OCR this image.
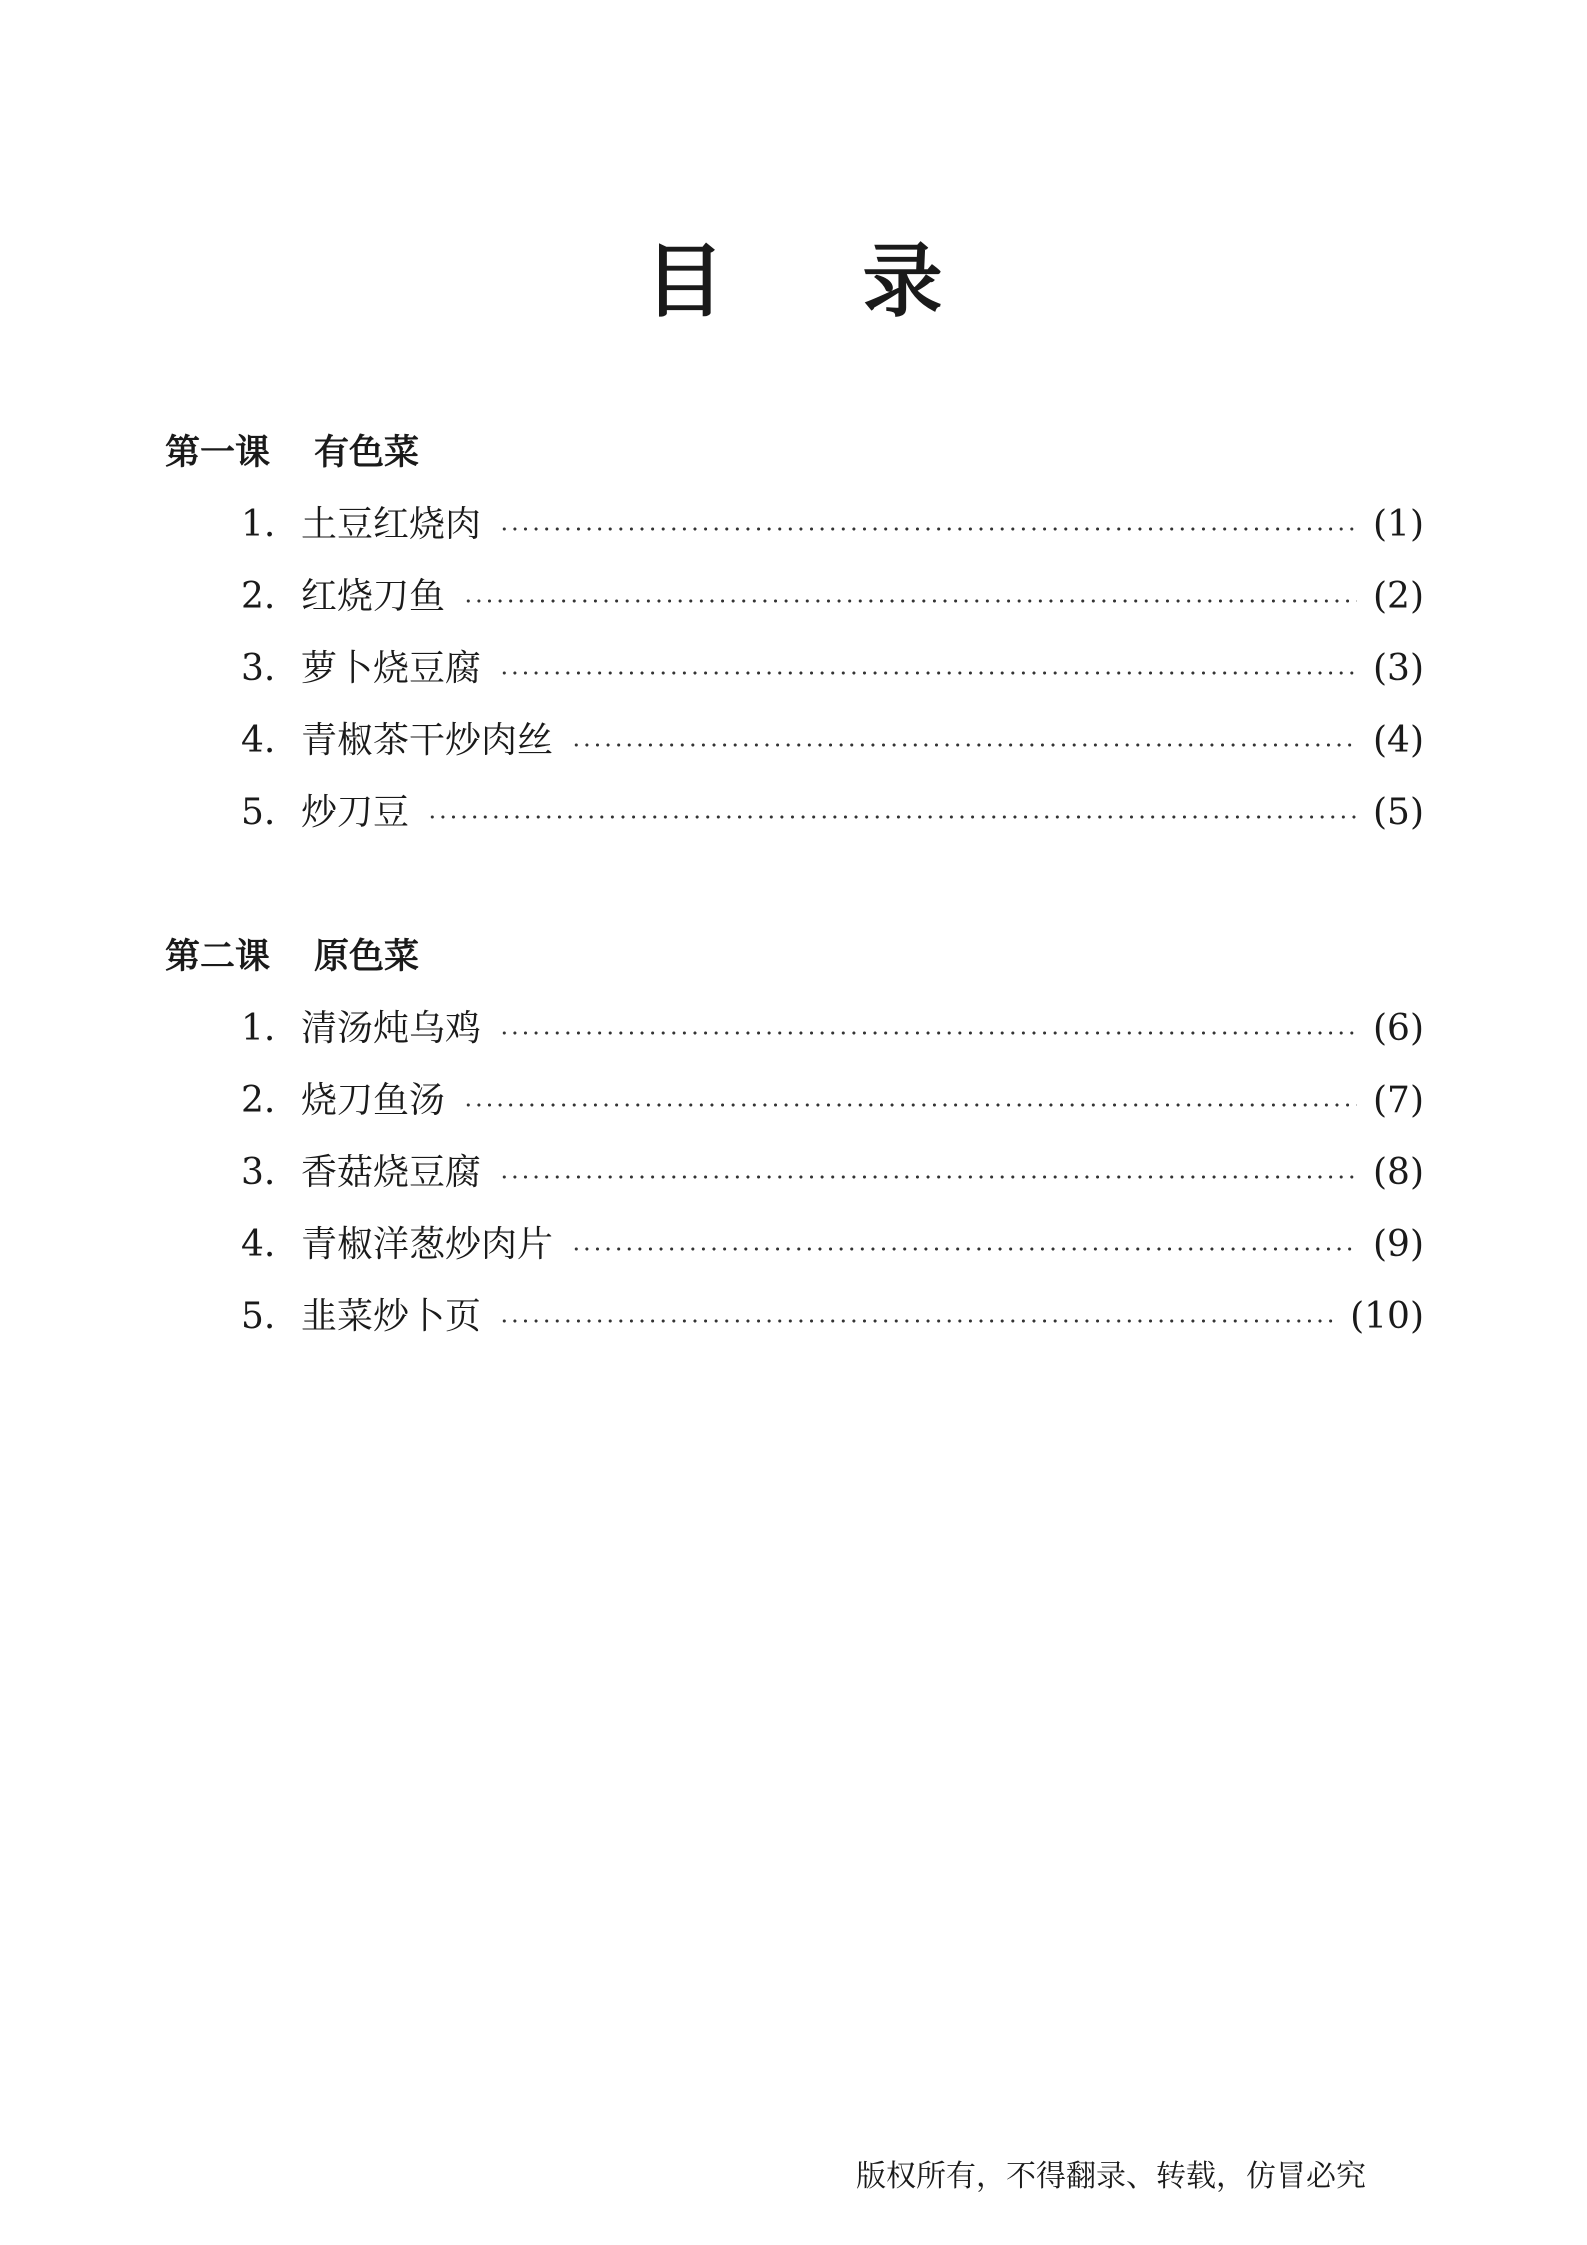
目 录
第一课 有色菜
1. 土豆红烧肉	(1)
2. 红烧刀鱼	(2)
3. 萝卜烧豆腐	(3)
4. 青椒茶干炒肉丝	(4)
5. 炒刀豆	(5)
第二课 原色菜
1. 清汤炖乌鸡	(6)
2. 烧刀鱼汤	(7)
3. 香菇烧豆腐	(8)
4. 青椒洋葱炒肉片	(9)
5. 韭菜炒卜页	(10)

版权所有，不得翻录、转载，仿冒必究
